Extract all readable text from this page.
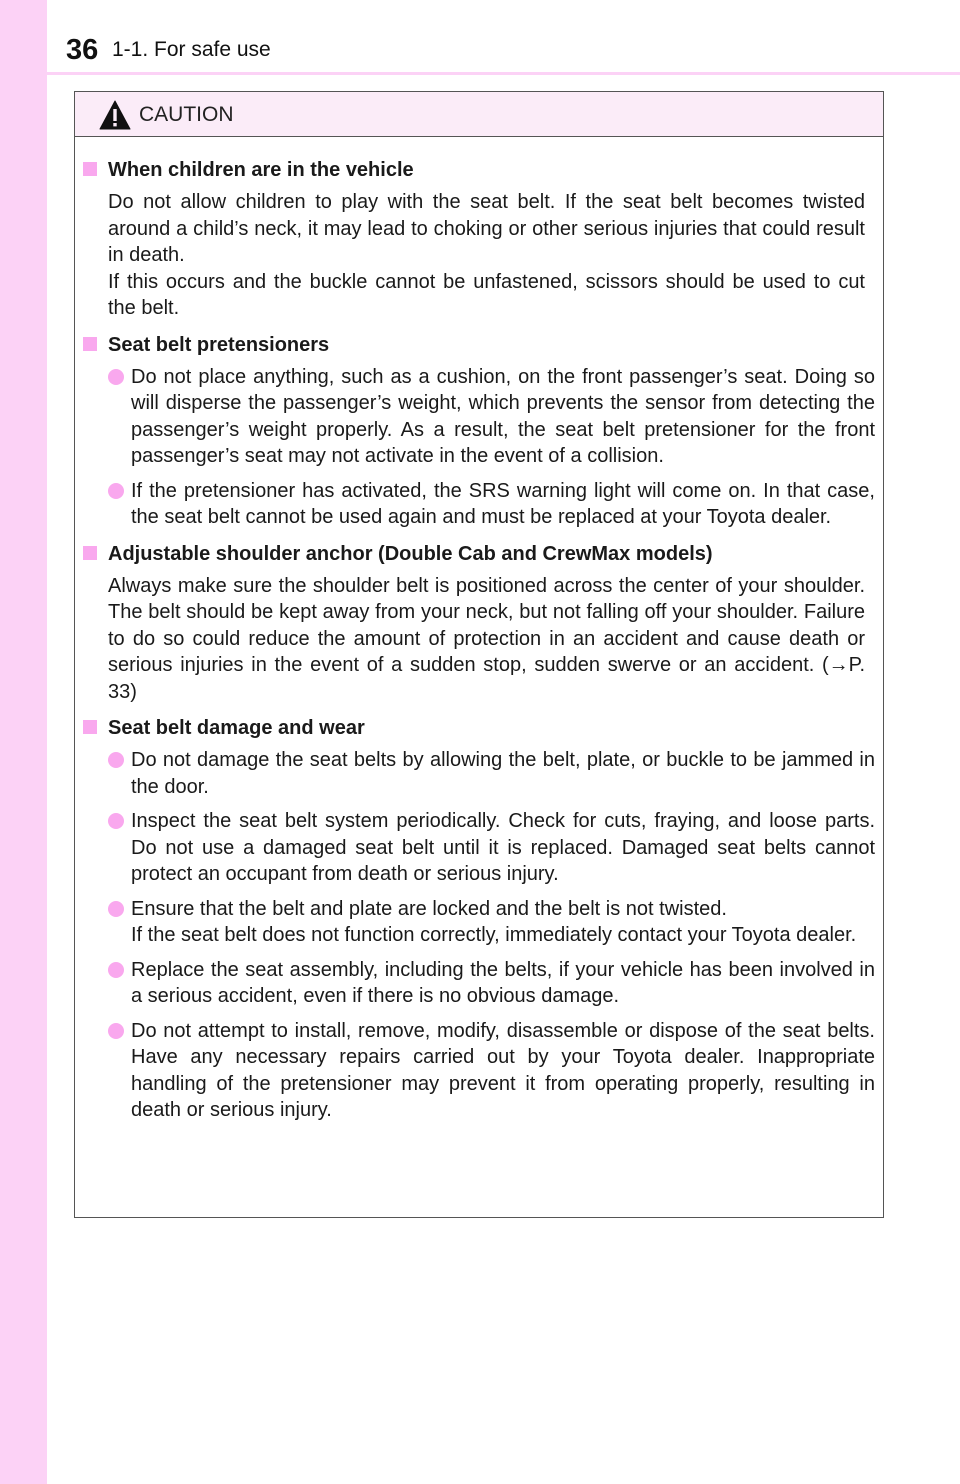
36 1-1. For safe use
CAUTION
When children are in the vehicle
Do not allow children to play with the seat belt. If the seat belt becomes twisted around a child’s neck, it may lead to choking or other serious injuries that could result in death.
If this occurs and the buckle cannot be unfastened, scissors should be used to cut the belt.
Seat belt pretensioners
Do not place anything, such as a cushion, on the front passenger’s seat. Doing so will disperse the passenger’s weight, which prevents the sensor from detecting the passenger’s weight properly. As a result, the seat belt pretensioner for the front passenger’s seat may not activate in the event of a collision.
If the pretensioner has activated, the SRS warning light will come on. In that case, the seat belt cannot be used again and must be replaced at your Toyota dealer.
Adjustable shoulder anchor (Double Cab and CrewMax models)
Always make sure the shoulder belt is positioned across the center of your shoulder. The belt should be kept away from your neck, but not falling off your shoulder. Failure to do so could reduce the amount of protection in an accident and cause death or serious injuries in the event of a sudden stop, sudden swerve or an accident. (→P. 33)
Seat belt damage and wear
Do not damage the seat belts by allowing the belt, plate, or buckle to be jammed in the door.
Inspect the seat belt system periodically. Check for cuts, fraying, and loose parts. Do not use a damaged seat belt until it is replaced. Damaged seat belts cannot protect an occupant from death or serious injury.
Ensure that the belt and plate are locked and the belt is not twisted.
If the seat belt does not function correctly, immediately contact your Toyota dealer.
Replace the seat assembly, including the belts, if your vehicle has been involved in a serious accident, even if there is no obvious damage.
Do not attempt to install, remove, modify, disassemble or dispose of the seat belts. Have any necessary repairs carried out by your Toyota dealer. Inappropriate handling of the pretensioner may prevent it from operating properly, resulting in death or serious injury.
